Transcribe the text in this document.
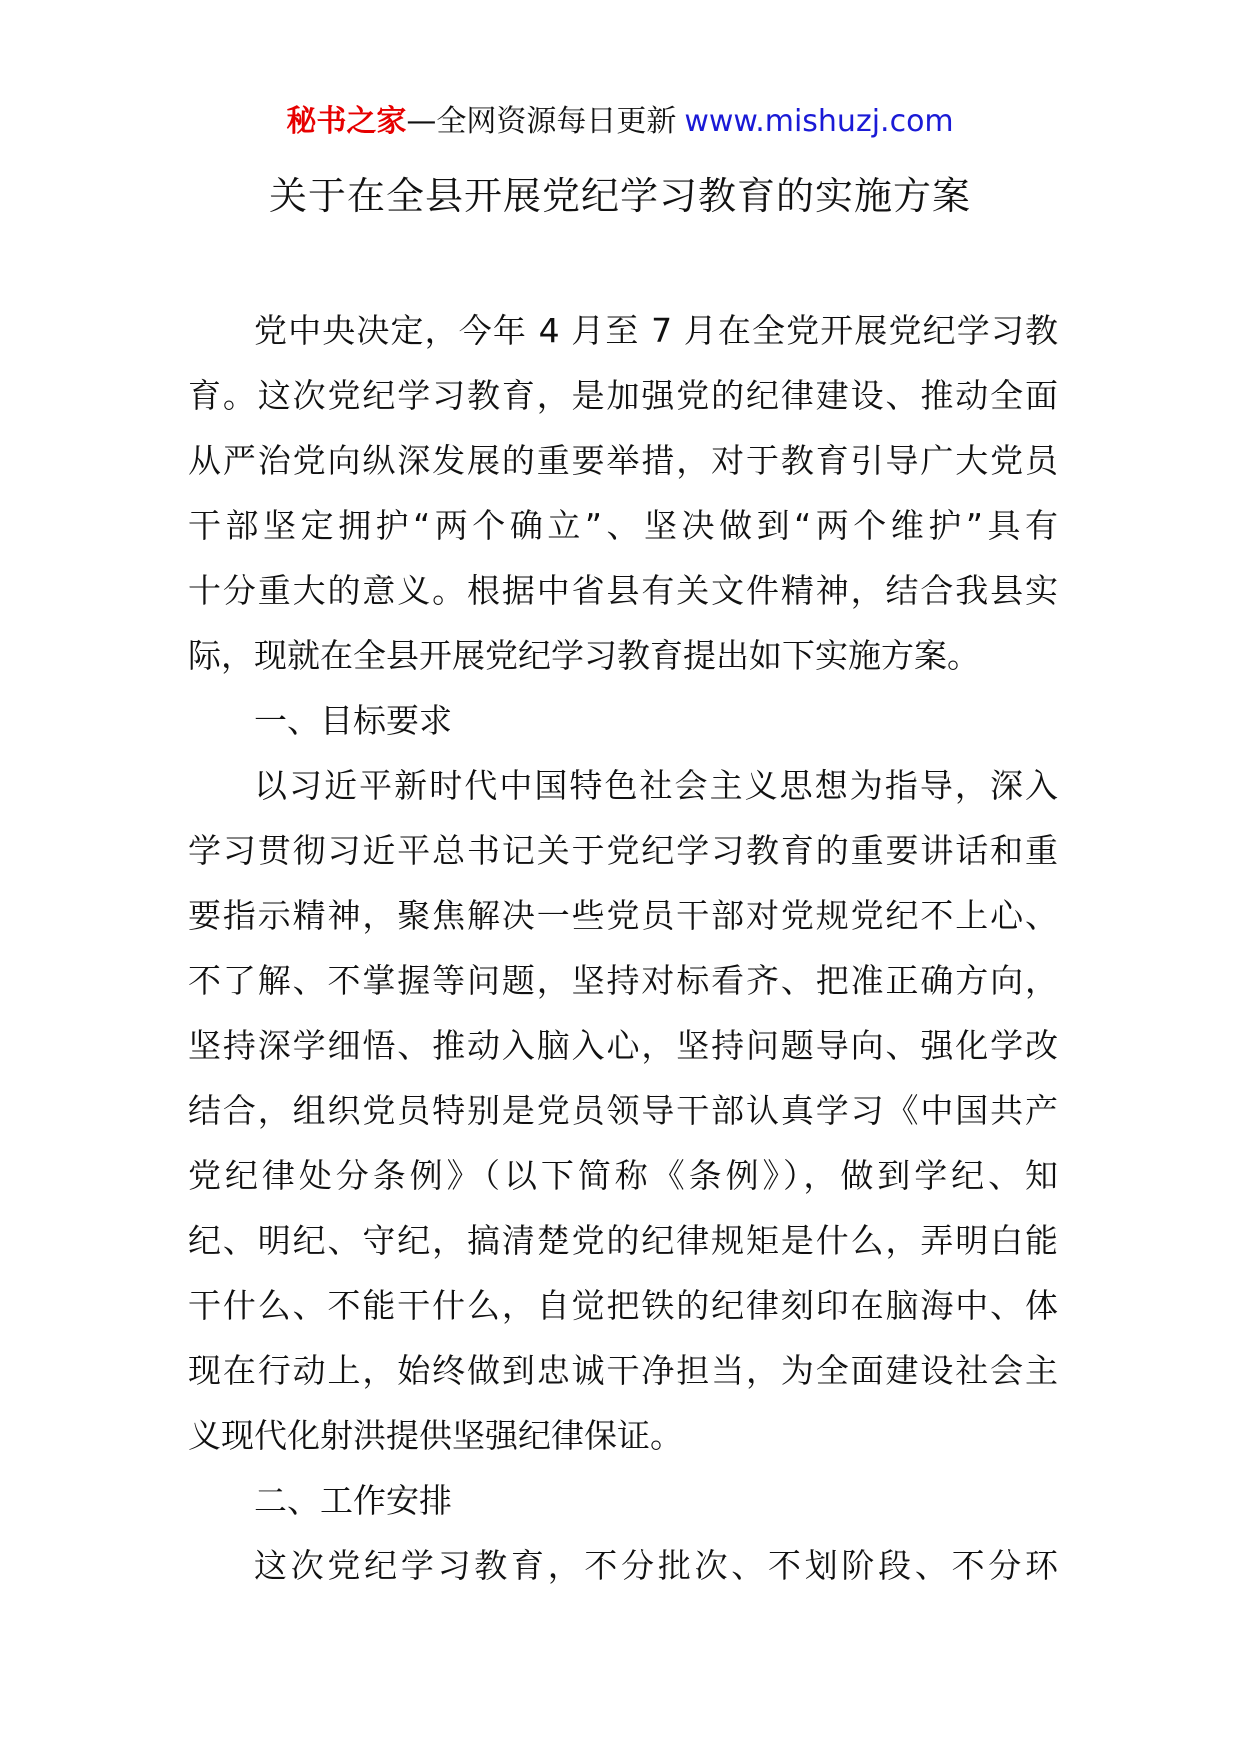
秘书之家—全网资源每日更新 www.mishuzj.com
关于在全县开展党纪学习教育的实施方案
党中央决定，今年 4 月至 7 月在全党开展党纪学习教
育。这次党纪学习教育，是加强党的纪律建设、推动全面
从严治党向纵深发展的重要举措，对于教育引导广大党员
干部坚定拥护“两个确立”、坚决做到“两个维护”具有
十分重大的意义。根据中省县有关文件精神，结合我县实
际，现就在全县开展党纪学习教育提出如下实施方案。
一、目标要求
以习近平新时代中国特色社会主义思想为指导，深入
学习贯彻习近平总书记关于党纪学习教育的重要讲话和重
要指示精神，聚焦解决一些党员干部对党规党纪不上心、
不了解、不掌握等问题，坚持对标看齐、把准正确方向，
坚持深学细悟、推动入脑入心，坚持问题导向、强化学改
结合，组织党员特别是党员领导干部认真学习《中国共产
党纪律处分条例》（以下简称《条例》），做到学纪、知
纪、明纪、守纪，搞清楚党的纪律规矩是什么，弄明白能
干什么、不能干什么，自觉把铁的纪律刻印在脑海中、体
现在行动上，始终做到忠诚干净担当，为全面建设社会主
义现代化射洪提供坚强纪律保证。
二、工作安排
这次党纪学习教育，不分批次、不划阶段、不分环
